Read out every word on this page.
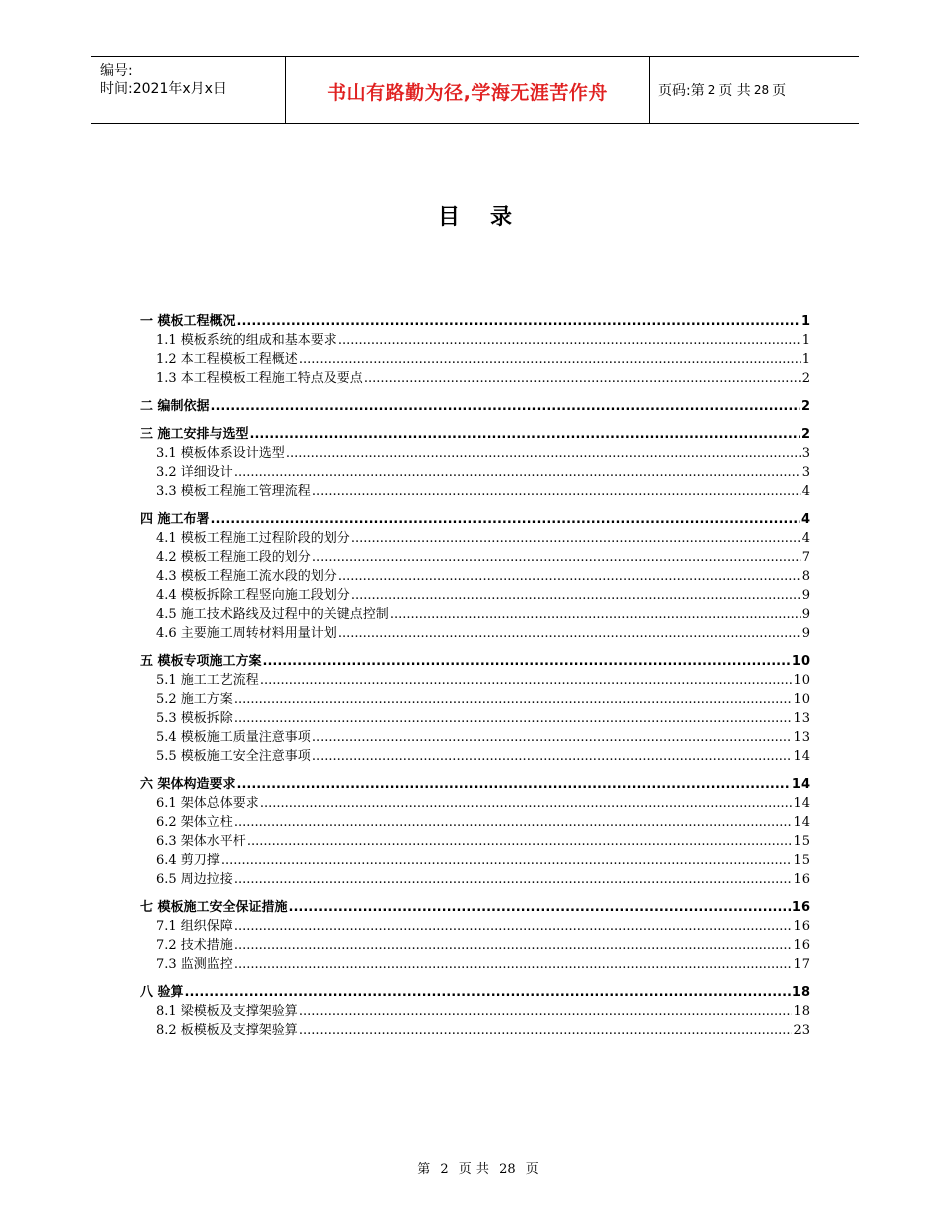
编号:
时间:2021年x月x日	书山有路勤为径,学海无涯苦作舟	页码:第 2 页 共 28 页
目录
一 模板工程概况 .....	1
1.1 模板系统的组成和基本要求 .....	1
1.2 本工程模板工程概述 .....	1
1.3 本工程模板工程施工特点及要点 .....	2
二 编制依据 .....	2
三 施工安排与选型 .....	2
3.1 模板体系设计选型 .....	3
3.2 详细设计 .....	3
3.3 模板工程施工管理流程 .....	4
四 施工布署 .....	4
4.1 模板工程施工过程阶段的划分 .....	4
4.2 模板工程施工段的划分 .....	7
4.3 模板工程施工流水段的划分 .....	8
4.4 模板拆除工程竖向施工段划分 .....	9
4.5 施工技术路线及过程中的关键点控制 .....	9
4.6 主要施工周转材料用量计划 .....	9
五 模板专项施工方案 .....	10
5.1 施工工艺流程 .....	10
5.2 施工方案 .....	10
5.3 模板拆除 .....	13
5.4 模板施工质量注意事项 .....	13
5.5 模板施工安全注意事项 .....	14
六 架体构造要求 .....	14
6.1 架体总体要求 .....	14
6.2 架体立柱 .....	14
6.3 架体水平杆 .....	15
6.4 剪刀撑 .....	15
6.5 周边拉接 .....	16
七 模板施工安全保证措施 .....	16
7.1 组织保障 .....	16
7.2 技术措施 .....	16
7.3 监测监控 .....	17
八 验算 .....	18
8.1 梁模板及支撑架验算 .....	18
8.2 板模板及支撑架验算 .....	23
第 2 页 共 28 页
